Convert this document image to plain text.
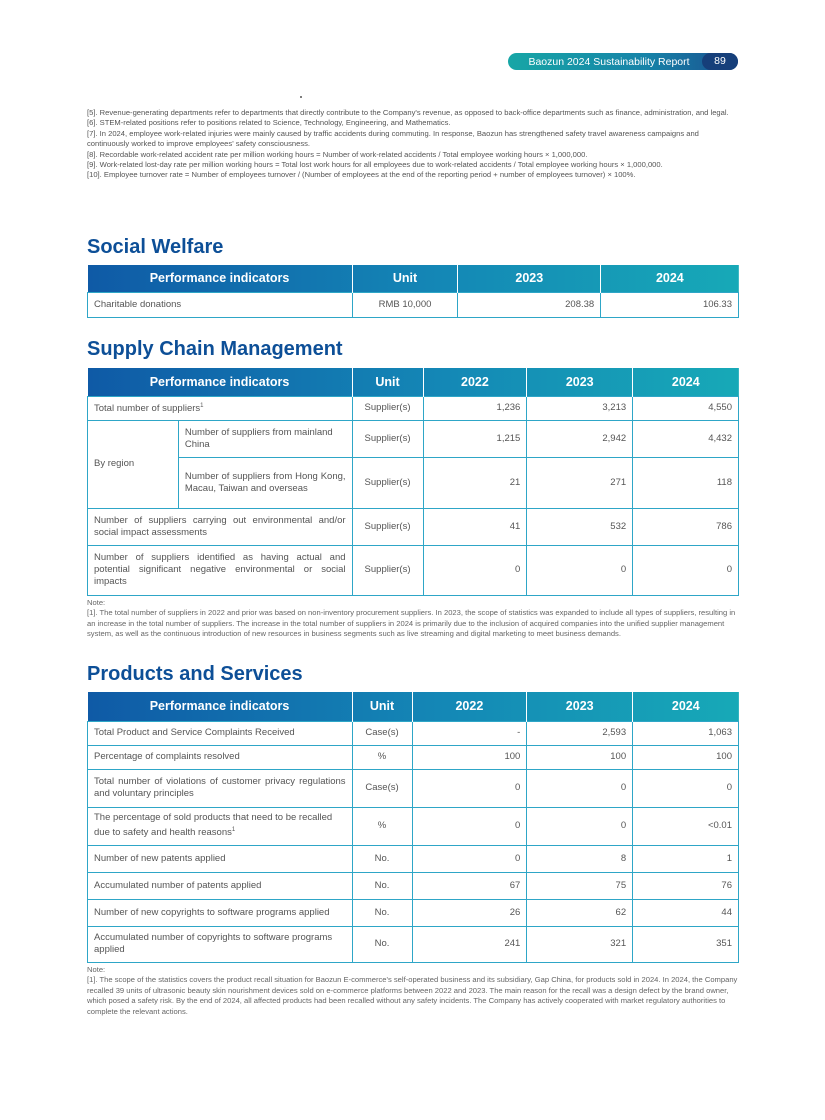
Baozun 2024 Sustainability Report	89

[5]. Revenue-generating departments refer to departments that directly contribute to the Company's revenue, as opposed to back-office departments such as finance, administration, and legal.

[6]. STEM-related positions refer to positions related to Science, Technology, Engineering, and Mathematics.

[7]. In 2024, employee work-related injuries were mainly caused by traffic accidents during commuting. In response, Baozun has strengthened safety travel awareness campaigns and continuously worked to improve employees' safety consciousness.

[8]. Recordable work-related accident rate per million working hours = Number of work-related accidents / Total employee working hours × 1,000,000.

[9]. Work-related lost-day rate per million working hours = Total lost work hours for all employees due to work-related accidents / Total employee working hours × 1,000,000.

[10]. Employee turnover rate = Number of employees turnover / (Number of employees at the end of the reporting period + number of employees turnover) × 100%.

Social Welfare
Performance indicators	Unit	2023	2024
Charitable donations	RMB 10,000	208.38	106.33
Supply Chain Management
Performance indicators		Unit	2022	2023	2024
Total number of suppliers$^1$		Supplier(s)	1,236	3,213	4,550
By region	Number of suppliers from mainland China	Supplier(s)	1,215	2,942	4,432
	Number of suppliers from Hong Kong, Macau, Taiwan and overseas	Supplier(s)	21	271	118
Number of suppliers carrying out environmental and/or social impact assessments		Supplier(s)	41	532	786
Number of suppliers identified as having actual and potential significant negative environmental or social impacts		Supplier(s)	0	0	0

Note:

[1]. The total number of suppliers in 2022 and prior was based on non-inventory procurement suppliers. In 2023, the scope of statistics was expanded to include all types of suppliers, resulting in an increase in the total number of suppliers. The increase in the total number of suppliers in 2024 is primarily due to the inclusion of acquired companies into the unified supplier management system, as well as the continuous introduction of new resources in business segments such as live streaming and digital marketing to meet business demands.

Products and Services
Performance indicators	Unit	2022	2023	2024
Total Product and Service Complaints Received	Case(s)	-	2,593	1,063
Percentage of complaints resolved	%	100	100	100
Total number of violations of customer privacy regulations and voluntary principles	Case(s)	0	0	0
The percentage of sold products that need to be recalled due to safety and health reasons$^1$	%	0	0	<0.01
Number of new patents applied	No.	0	8	1
Accumulated number of patents applied	No.	67	75	76
Number of new copyrights to software programs applied	No.	26	62	44
Accumulated number of copyrights to software programs applied	No.	241	321	351

Note:

[1]. The scope of the statistics covers the product recall situation for Baozun E-commerce's self-operated business and its subsidiary, Gap China, for products sold in 2024. In 2024, the Company recalled 39 units of ultrasonic beauty skin nourishment devices sold on e-commerce platforms between 2022 and 2023. The main reason for the recall was a design defect by the brand owner, which posed a safety risk. By the end of 2024, all affected products had been recalled without any safety incidents. The Company has actively cooperated with market regulatory authorities to complete the relevant actions.
